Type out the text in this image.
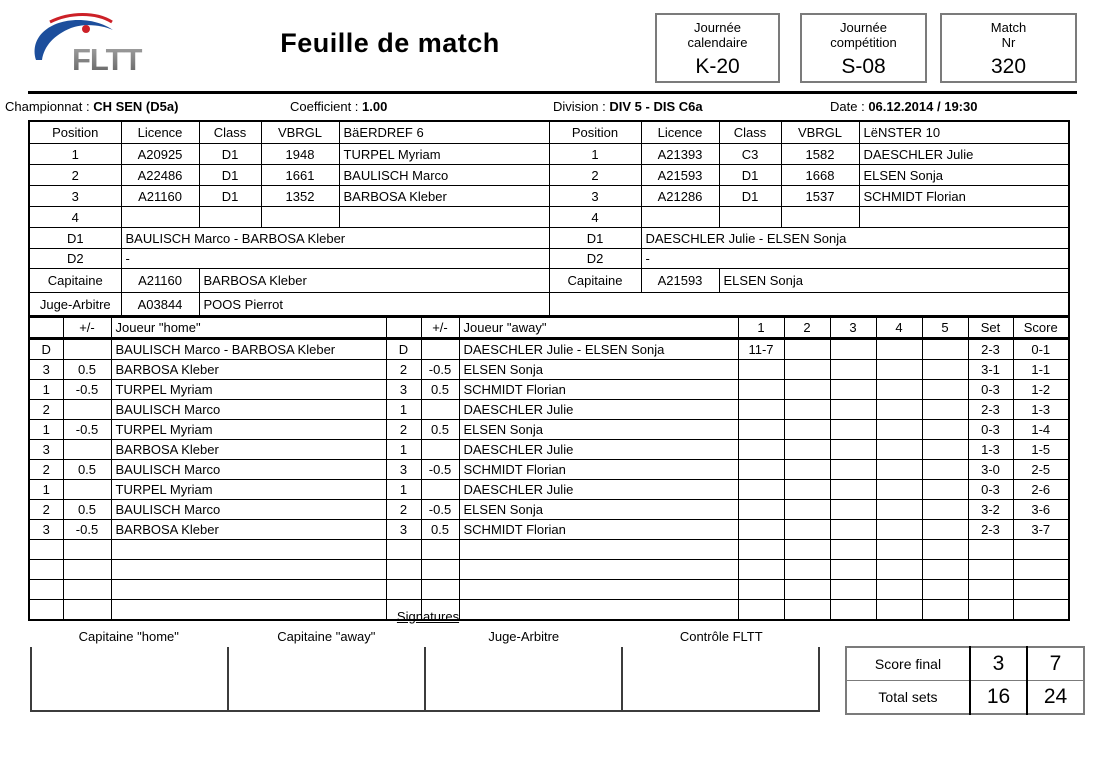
FLTT	Feuille de match
Journée
calendaire
K-20
Journée
compétition
S-08
Match
Nr
320
Championnat : CH SEN (D5a)	Coefficient : 1.00	Division : DIV 5 - DIS C6a	Date : 06.12.2014 / 19:30
Position	Licence	Class	VBRGL	BäERDREF 6	Position	Licence	Class	VBRGL	LëNSTER 10
1	A20925	D1	1948	TURPEL Myriam	1	A21393	C3	1582	DAESCHLER Julie
2	A22486	D1	1661	BAULISCH Marco	2	A21593	D1	1668	ELSEN Sonja
3	A21160	D1	1352	BARBOSA Kleber	3	A21286	D1	1537	SCHMIDT Florian
4					4				
D1	BAULISCH Marco - BARBOSA Kleber				D1	DAESCHLER Julie - ELSEN Sonja			
D2	-				D2	-			
Capitaine	A21160	BARBOSA Kleber			Capitaine	A21593	ELSEN Sonja		
Juge-Arbitre	A03844	POOS Pierrot							
	+/-	Joueur "home"		+/-	Joueur "away"	1	2	3	4	5	Set	Score
D		BAULISCH Marco - BARBOSA Kleber	D		DAESCHLER Julie - ELSEN Sonja	11-7					2-3	0-1
3	0.5	BARBOSA Kleber	2	-0.5	ELSEN Sonja						3-1	1-1
1	-0.5	TURPEL Myriam	3	0.5	SCHMIDT Florian						0-3	1-2
2		BAULISCH Marco	1		DAESCHLER Julie						2-3	1-3
1	-0.5	TURPEL Myriam	2	0.5	ELSEN Sonja						0-3	1-4
3		BARBOSA Kleber	1		DAESCHLER Julie						1-3	1-5
2	0.5	BAULISCH Marco	3	-0.5	SCHMIDT Florian						3-0	2-5
1		TURPEL Myriam	1		DAESCHLER Julie						0-3	2-6
2	0.5	BAULISCH Marco	2	-0.5	ELSEN Sonja						3-2	3-6
3	-0.5	BARBOSA Kleber	3	0.5	SCHMIDT Florian						2-3	3-7

Signatures
Capitaine "home"	Capitaine "away"	Juge-Arbitre	Contrôle FLTT
Score final	3	7
Total sets	16	24
